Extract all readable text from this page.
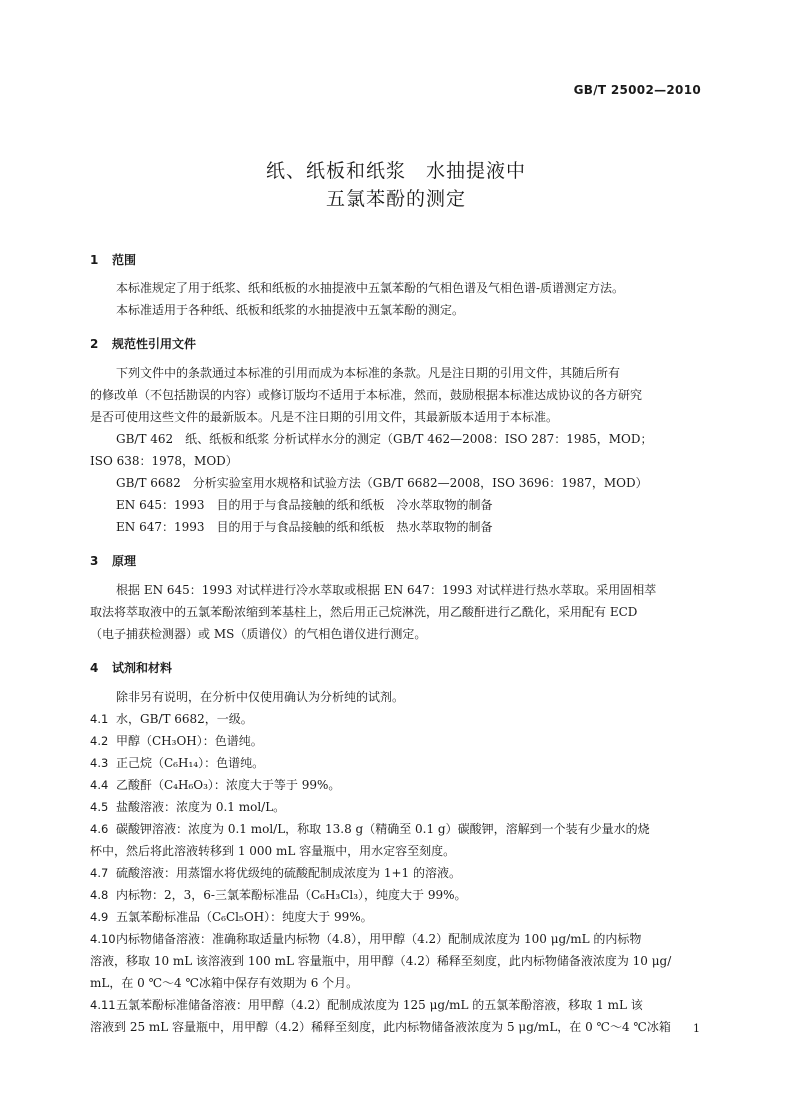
GB/T 25002—2010
纸、纸板和纸浆　水抽提液中
五氯苯酚的测定
1 范围
本标准规定了用于纸浆、纸和纸板的水抽提液中五氯苯酚的气相色谱及气相色谱-质谱测定方法。
本标准适用于各种纸、纸板和纸浆的水抽提液中五氯苯酚的测定。
2 规范性引用文件
下列文件中的条款通过本标准的引用而成为本标准的条款。凡是注日期的引用文件，其随后所有
的修改单（不包括勘误的内容）或修订版均不适用于本标准，然而，鼓励根据本标准达成协议的各方研究
是否可使用这些文件的最新版本。凡是不注日期的引用文件，其最新版本适用于本标准。
GB/T 462　纸、纸板和纸浆 分析试样水分的测定（GB/T 462—2008：ISO 287：1985，MOD；
ISO 638：1978，MOD）
GB/T 6682　分析实验室用水规格和试验方法（GB/T 6682—2008，ISO 3696：1987，MOD）
EN 645：1993　目的用于与食品接触的纸和纸板　冷水萃取物的制备
EN 647：1993　目的用于与食品接触的纸和纸板　热水萃取物的制备
3 原理
根据 EN 645：1993 对试样进行冷水萃取或根据 EN 647：1993 对试样进行热水萃取。采用固相萃
取法将萃取液中的五氯苯酚浓缩到苯基柱上，然后用正己烷淋洗，用乙酸酐进行乙酰化，采用配有 ECD
（电子捕获检测器）或 MS（质谱仪）的气相色谱仪进行测定。
4 试剂和材料
除非另有说明，在分析中仅使用确认为分析纯的试剂。
4.1 水，GB/T 6682，一级。
4.2 甲醇（CH₃OH）：色谱纯。
4.3 正己烷（C₆H₁₄）：色谱纯。
4.4 乙酸酐（C₄H₆O₃）：浓度大于等于 99%。
4.5 盐酸溶液：浓度为 0.1 mol/L。
4.6 碳酸钾溶液：浓度为 0.1 mol/L，称取 13.8 g（精确至 0.1 g）碳酸钾，溶解到一个装有少量水的烧
杯中，然后将此溶液转移到 1 000 mL 容量瓶中，用水定容至刻度。
4.7 硫酸溶液：用蒸馏水将优级纯的硫酸配制成浓度为 1+1 的溶液。
4.8 内标物：2，3，6-三氯苯酚标准品（C₆H₃Cl₃），纯度大于 99%。
4.9 五氯苯酚标准品（C₆Cl₅OH）：纯度大于 99%。
4.10内标物储备溶液：准确称取适量内标物（4.8），用甲醇（4.2）配制成浓度为 100 μg/mL 的内标物
溶液，移取 10 mL 该溶液到 100 mL 容量瓶中，用甲醇（4.2）稀释至刻度，此内标物储备液浓度为 10 μg/
mL，在 0 ℃～4 ℃冰箱中保存有效期为 6 个月。
4.11五氯苯酚标准储备溶液：用甲醇（4.2）配制成浓度为 125 μg/mL 的五氯苯酚溶液，移取 1 mL 该
溶液到 25 mL 容量瓶中，用甲醇（4.2）稀释至刻度，此内标物储备液浓度为 5 μg/mL，在 0 ℃～4 ℃冰箱	1
